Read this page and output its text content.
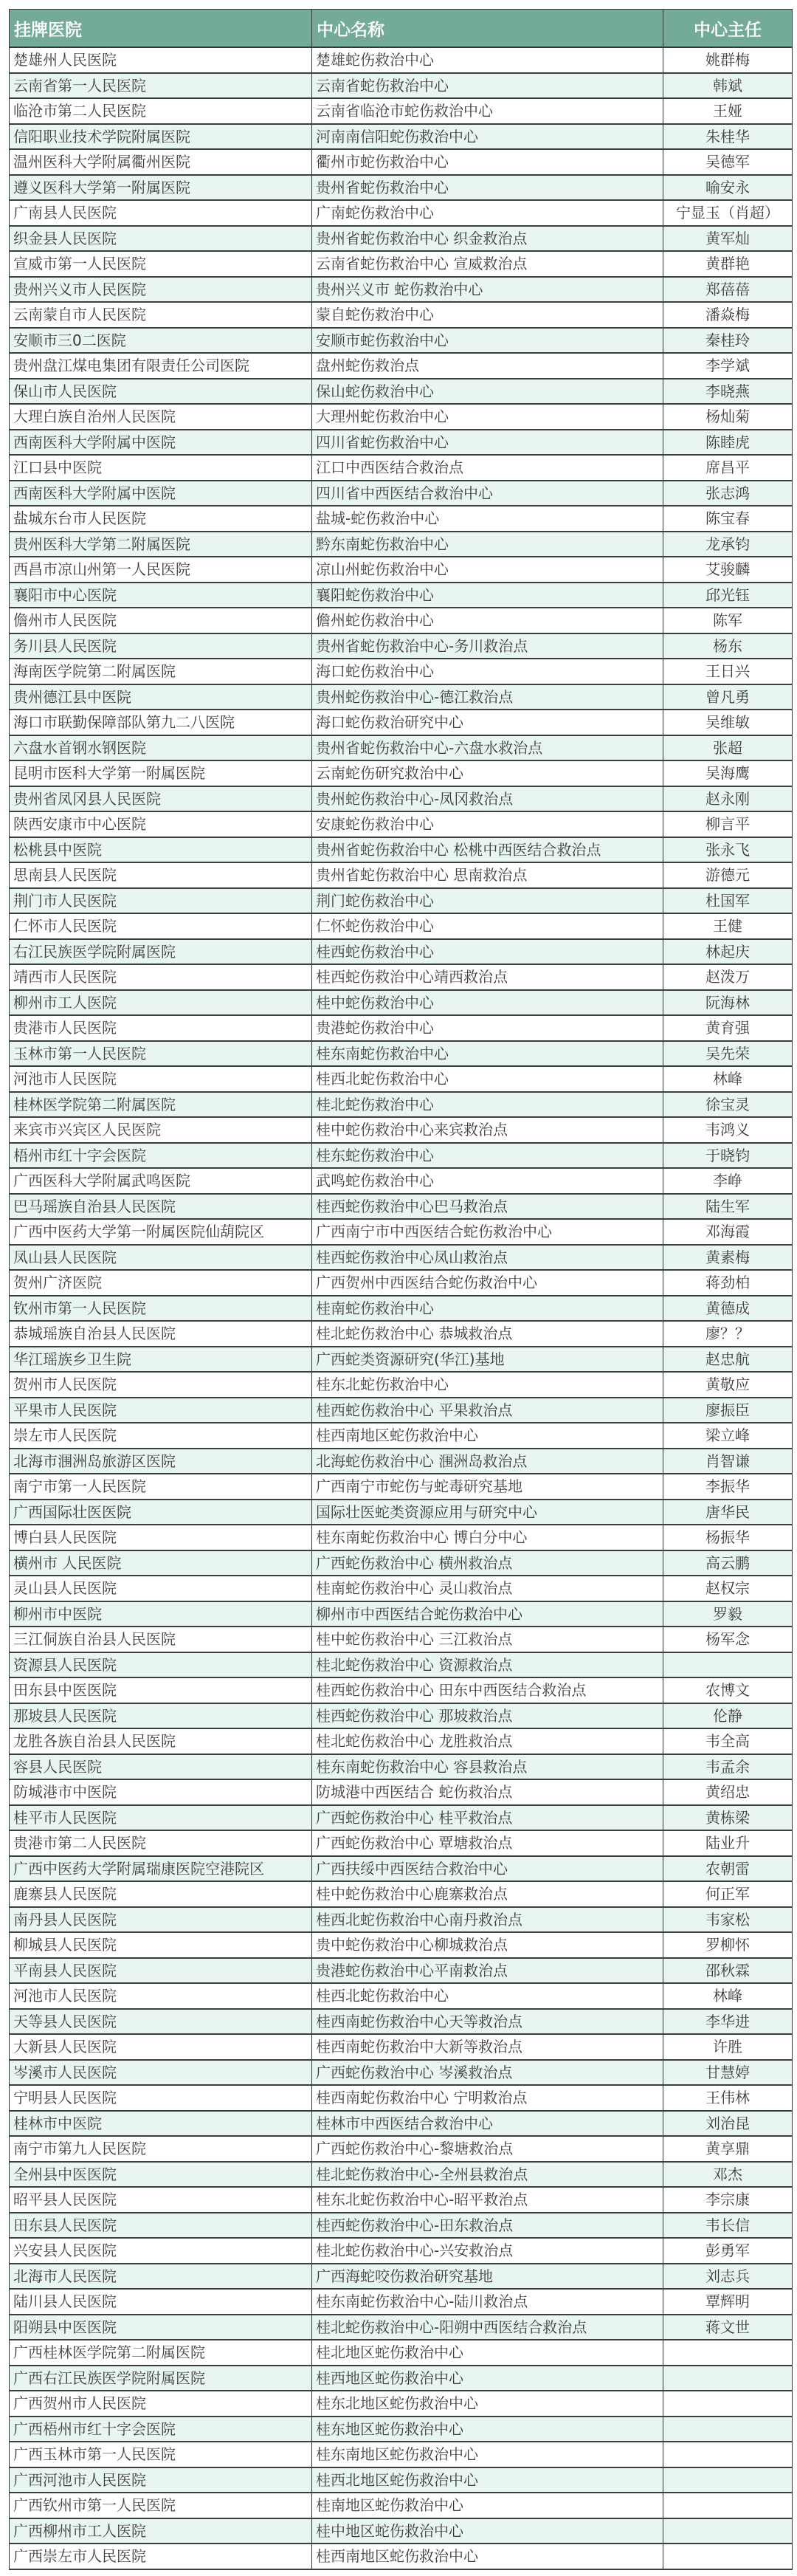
挂牌医院	中心名称	中心主任
楚雄州人民医院	楚雄蛇伤救治中心	姚群梅
云南省第一人民医院	云南省蛇伤救治中心	韩斌
临沧市第二人民医院	云南省临沧市蛇伤救治中心	王娅
信阳职业技术学院附属医院	河南南信阳蛇伤救治中心	朱桂华
温州医科大学附属衢州医院	衢州市蛇伤救治中心	吴德军
遵义医科大学第一附属医院	贵州省蛇伤救治中心	喻安永
广南县人民医院	广南蛇伤救治中心	宁显玉（肖超）
织金县人民医院	贵州省蛇伤救治中心 织金救治点	黄军灿
宣威市第一人民医院	云南省蛇伤救治中心 宣威救治点	黄群艳
贵州兴义市人民医院	贵州兴义市 蛇伤救治中心	郑蓓蓓
云南蒙自市人民医院	蒙自蛇伤救治中心	潘焱梅
安顺市三0二医院	安顺市蛇伤救治中心	秦桂玲
贵州盘江煤电集团有限责任公司医院	盘州蛇伤救治点	李学斌
保山市人民医院	保山蛇伤救治中心	李晓燕
大理白族自治州人民医院	大理州蛇伤救治中心	杨灿菊
西南医科大学附属中医院	四川省蛇伤救治中心	陈睦虎
江口县中医院	江口中西医结合救治点	席昌平
西南医科大学附属中医院	四川省中西医结合救治中心	张志鸿
盐城东台市人民医院	盐城-蛇伤救治中心	陈宝春
贵州医科大学第二附属医院	黔东南蛇伤救治中心	龙承钧
西昌市凉山州第一人民医院	凉山州蛇伤救治中心	艾骏麟
襄阳市中心医院	襄阳蛇伤救治中心	邱光钰
儋州市人民医院	儋州蛇伤救治中心	陈军
务川县人民医院	贵州省蛇伤救治中心-务川救治点	杨东
海南医学院第二附属医院	海口蛇伤救治中心	王日兴
贵州德江县中医院	贵州蛇伤救治中心-德江救治点	曾凡勇
海口市联勤保障部队第九二八医院	海口蛇伤救治研究中心	吴维敏
六盘水首钢水钢医院	贵州省蛇伤救治中心-六盘水救治点	张超
昆明市医科大学第一附属医院	云南蛇伤研究救治中心	吴海鹰
贵州省凤冈县人民医院	贵州蛇伤救治中心-凤冈救治点	赵永刚
陕西安康市中心医院	安康蛇伤救治中心	柳言平
松桃县中医院	贵州省蛇伤救治中心 松桃中西医结合救治点	张永飞
思南县人民医院	贵州省蛇伤救治中心 思南救治点	游德元
荆门市人民医院	荆门蛇伤救治中心	杜国军
仁怀市人民医院	仁怀蛇伤救治中心	王健
右江民族医学院附属医院	桂西蛇伤救治中心	林起庆
靖西市人民医院	桂西蛇伤救治中心靖西救治点	赵泼万
柳州市工人医院	桂中蛇伤救治中心	阮海林
贵港市人民医院	贵港蛇伤救治中心	黄育强
玉林市第一人民医院	桂东南蛇伤救治中心	吴先荣
河池市人民医院	桂西北蛇伤救治中心	林峰
桂林医学院第二附属医院	桂北蛇伤救治中心	徐宝灵
来宾市兴宾区人民医院	桂中蛇伤救治中心来宾救治点	韦鸿义
梧州市红十字会医院	桂东蛇伤救治中心	于晓钧
广西医科大学附属武鸣医院	武鸣蛇伤救治中心	李峥
巴马瑶族自治县人民医院	桂西蛇伤救治中心巴马救治点	陆生军
广西中医药大学第一附属医院仙葫院区	广西南宁市中西医结合蛇伤救治中心	邓海霞
凤山县人民医院	桂西蛇伤救治中心凤山救治点	黄素梅
贺州广济医院	广西贺州中西医结合蛇伤救治中心	蒋劲柏
钦州市第一人民医院	桂南蛇伤救治中心	黄德成
恭城瑶族自治县人民医院	桂北蛇伤救治中心 恭城救治点	廖？？
华江瑶族乡卫生院	广西蛇类资源研究(华江)基地	赵忠航
贺州市人民医院	桂东北蛇伤救治中心	黄敬应
平果市人民医院	桂西蛇伤救治中心 平果救治点	廖振臣
崇左市人民医院	桂西南地区蛇伤救治中心	梁立峰
北海市涠洲岛旅游区医院	北海蛇伤救治中心 涠洲岛救治点	肖智谦
南宁市第一人民医院	广西南宁市蛇伤与蛇毒研究基地	李振华
广西国际壮医医院	国际壮医蛇类资源应用与研究中心	唐华民
博白县人民医院	桂东南蛇伤救治中心 博白分中心	杨振华
横州市 人民医院	广西蛇伤救治中心 横州救治点	高云鹏
灵山县人民医院	桂南蛇伤救治中心 灵山救治点	赵权宗
柳州市中医院	柳州市中西医结合蛇伤救治中心	罗毅
三江侗族自治县人民医院	桂中蛇伤救治中心 三江救治点	杨军念
资源县人民医院	桂北蛇伤救治中心 资源救治点	
田东县中医医院	桂西蛇伤救治中心 田东中西医结合救治点	农博文
那坡县人民医院	桂西蛇伤救治中心 那坡救治点	伦静
龙胜各族自治县人民医院	桂北蛇伤救治中心 龙胜救治点	韦全高
容县人民医院	桂东南蛇伤救治中心 容县救治点	韦孟余
防城港市中医院	防城港中西医结合 蛇伤救治点	黄绍忠
桂平市人民医院	广西蛇伤救治中心 桂平救治点	黄栋梁
贵港市第二人民医院	广西蛇伤救治中心 覃塘救治点	陆业升
广西中医药大学附属瑞康医院空港院区	广西扶绥中西医结合救治中心	农朝雷
鹿寨县人民医院	桂中蛇伤救治中心鹿寨救治点	何正军
南丹县人民医院	桂西北蛇伤救治中心南丹救治点	韦家松
柳城县人民医院	贵中蛇伤救治中心柳城救治点	罗柳怀
平南县人民医院	贵港蛇伤救治中心平南救治点	邵秋霖
河池市人民医院	桂西北蛇伤救治中心	林峰
天等县人民医院	桂西南蛇伤救治中心天等救治点	李华进
大新县人民医院	桂西南蛇伤救治中大新等救治点	许胜
岑溪市人民医院	广西蛇伤救治中心 岑溪救治点	甘慧婷
宁明县人民医院	桂西南蛇伤救治中心 宁明救治点	王伟林
桂林市中医院	桂林市中西医结合救治中心	刘治昆
南宁市第九人民医院	广西蛇伤救治中心-黎塘救治点	黄享鼎
全州县中医医院	桂北蛇伤救治中心-全州县救治点	邓杰
昭平县人民医院	桂东北蛇伤救治中心-昭平救治点	李宗康
田东县人民医院	桂西蛇伤救治中心-田东救治点	韦长信
兴安县人民医院	桂北蛇伤救治中心-兴安救治点	彭勇军
北海市人民医院	广西海蛇咬伤救治研究基地	刘志兵
陆川县人民医院	桂东南蛇伤救治中心-陆川救治点	覃辉明
阳朔县中医医院	桂北蛇伤救治中心-阳朔中西医结合救治点	蒋文世
广西桂林医学院第二附属医院	桂北地区蛇伤救治中心	
广西右江民族医学院附属医院	桂西地区蛇伤救治中心	
广西贺州市人民医院	桂东北地区蛇伤救治中心	
广西梧州市红十字会医院	桂东地区蛇伤救治中心	
广西玉林市第一人民医院	桂东南地区蛇伤救治中心	
广西河池市人民医院	桂西北地区蛇伤救治中心	
广西钦州市第一人民医院	桂南地区蛇伤救治中心	
广西柳州市工人医院	桂中地区蛇伤救治中心	
广西崇左市人民医院	桂西南地区蛇伤救治中心	
